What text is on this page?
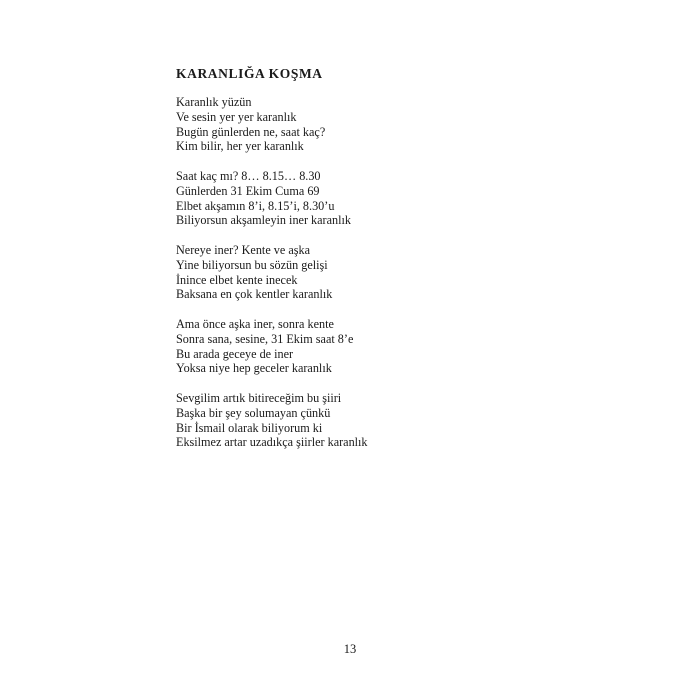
KARANLIĞA KOŞMA
Karanlık yüzün
Ve sesin yer yer karanlık
Bugün günlerden ne, saat kaç?
Kim bilir, her yer karanlık
Saat kaç mı? 8… 8.15… 8.30
Günlerden 31 Ekim Cuma 69
Elbet akşamın 8’i, 8.15’i, 8.30’u
Biliyorsun akşamleyin iner karanlık
Nereye iner? Kente ve aşka
Yine biliyorsun bu sözün gelişi
İnince elbet kente inecek
Baksana en çok kentler karanlık
Ama önce aşka iner, sonra kente
Sonra sana, sesine, 31 Ekim saat 8’e
Bu arada geceye de iner
Yoksa niye hep geceler karanlık
Sevgilim artık bitireceğim bu şiiri
Başka bir şey solumayan çünkü
Bir İsmail olarak biliyorum ki
Eksilmez artar uzadıkça şiirler karanlık
13
